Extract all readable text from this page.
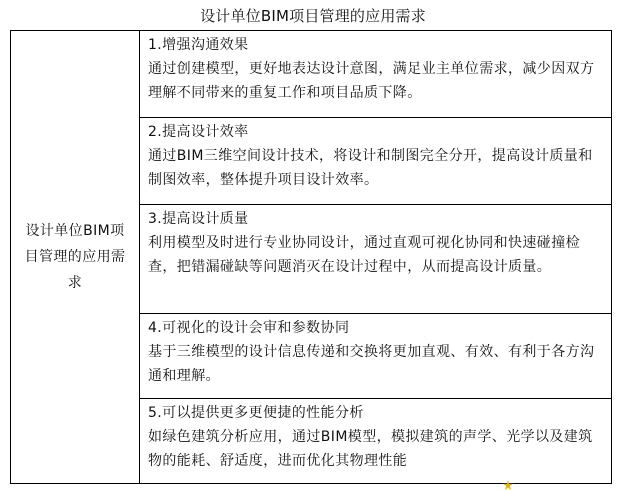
设计单位BIM项目管理的应用需求
设计单位BIM项目管理的应用需求	
1.增强沟通效果
通过创建模型，更好地表达设计意图，满足业主单位需求，减少因双方理解不同带来的重复工作和项目品质下降。

2.提高设计效率
通过BIM三维空间设计技术，将设计和制图完全分开，提高设计质量和制图效率，整体提升项目设计效率。

3.提高设计质量
利用模型及时进行专业协同设计，通过直观可视化协同和快速碰撞检查，把错漏碰缺等问题消灭在设计过程中，从而提高设计质量。

4.可视化的设计会审和参数协同
基于三维模型的设计信息传递和交换将更加直观、有效、有利于各方沟通和理解。

5.可以提供更多更便捷的性能分析
如绿色建筑分析应用，通过BIM模型，模拟建筑的声学、光学以及建筑物的能耗、舒适度，进而优化其物理性能
